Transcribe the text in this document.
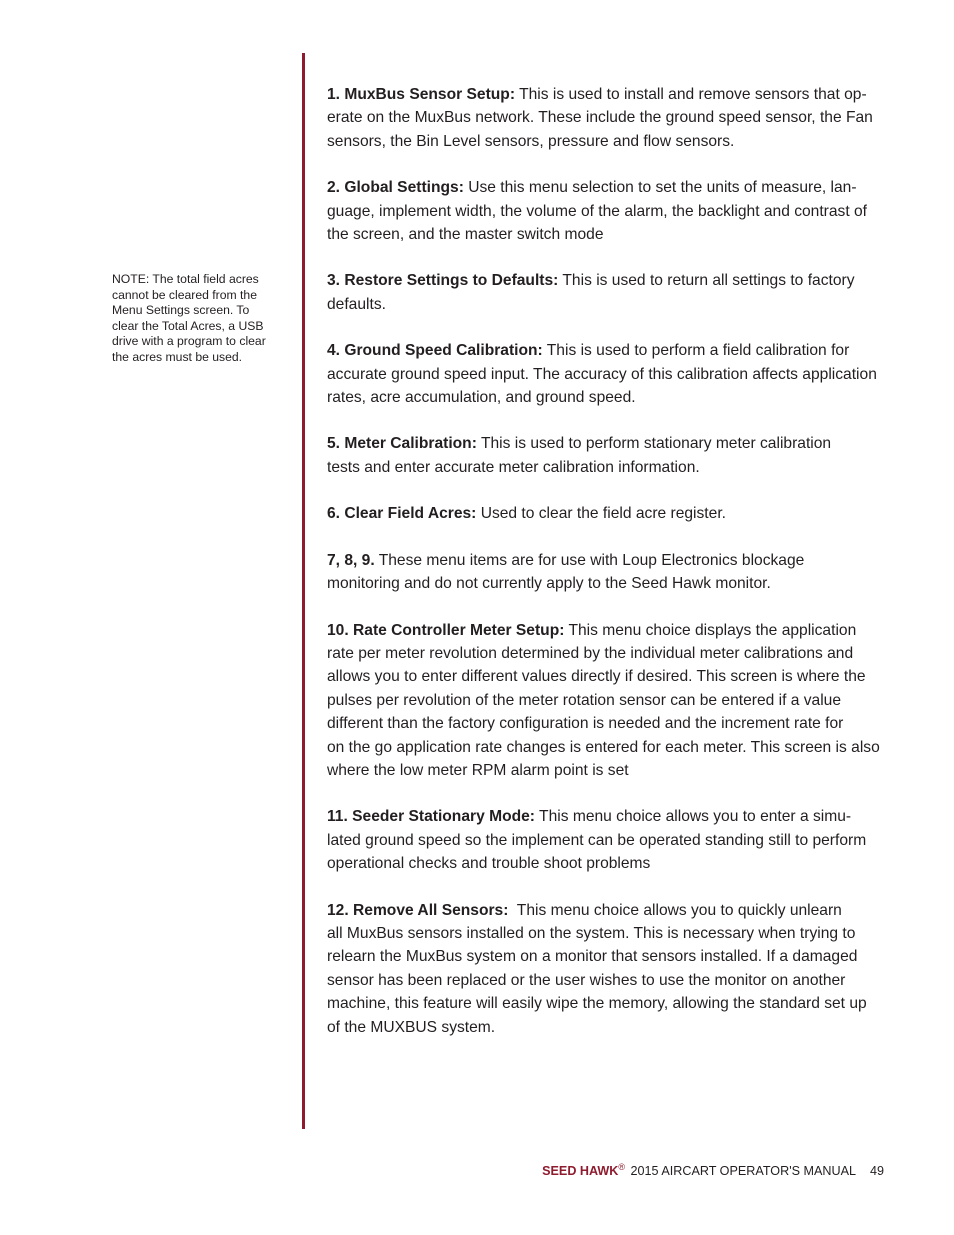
NOTE: The total field acres
cannot be cleared from the
Menu Settings screen. To
clear the Total Acres, a USB
drive with a program to clear
the acres must be used.

1. MuxBus Sensor Setup: This is used to install and remove sensors that op-
erate on the MuxBus network. These include the ground speed sensor, the Fan
sensors, the Bin Level sensors, pressure and flow sensors.

2. Global Settings: Use this menu selection to set the units of measure, lan-
guage, implement width, the volume of the alarm, the backlight and contrast of
the screen, and the master switch mode

3. Restore Settings to Defaults: This is used to return all settings to factory
defaults.

4. Ground Speed Calibration: This is used to perform a field calibration for
accurate ground speed input. The accuracy of this calibration affects application
rates, acre accumulation, and ground speed.

5. Meter Calibration: This is used to perform stationary meter calibration
tests and enter accurate meter calibration information.

6. Clear Field Acres: Used to clear the field acre register.

7, 8, 9. These menu items are for use with Loup Electronics blockage
monitoring and do not currently apply to the Seed Hawk monitor.

10. Rate Controller Meter Setup: This menu choice displays the application
rate per meter revolution determined by the individual meter calibrations and
allows you to enter different values directly if desired. This screen is where the
pulses per revolution of the meter rotation sensor can be entered if a value
different than the factory configuration is needed and the increment rate for
on the go application rate changes is entered for each meter. This screen is also
where the low meter RPM alarm point is set

11. Seeder Stationary Mode: This menu choice allows you to enter a simu-
lated ground speed so the implement can be operated standing still to perform
operational checks and trouble shoot problems

12. Remove All Sensors:  This menu choice allows you to quickly unlearn
all MuxBus sensors installed on the system. This is necessary when trying to
relearn the MuxBus system on a monitor that sensors installed. If a damaged
sensor has been replaced or the user wishes to use the monitor on another
machine, this feature will easily wipe the memory, allowing the standard set up
of the MUXBUS system.

SEED HAWK® 2015 AIRCART OPERATOR'S MANUAL 49
